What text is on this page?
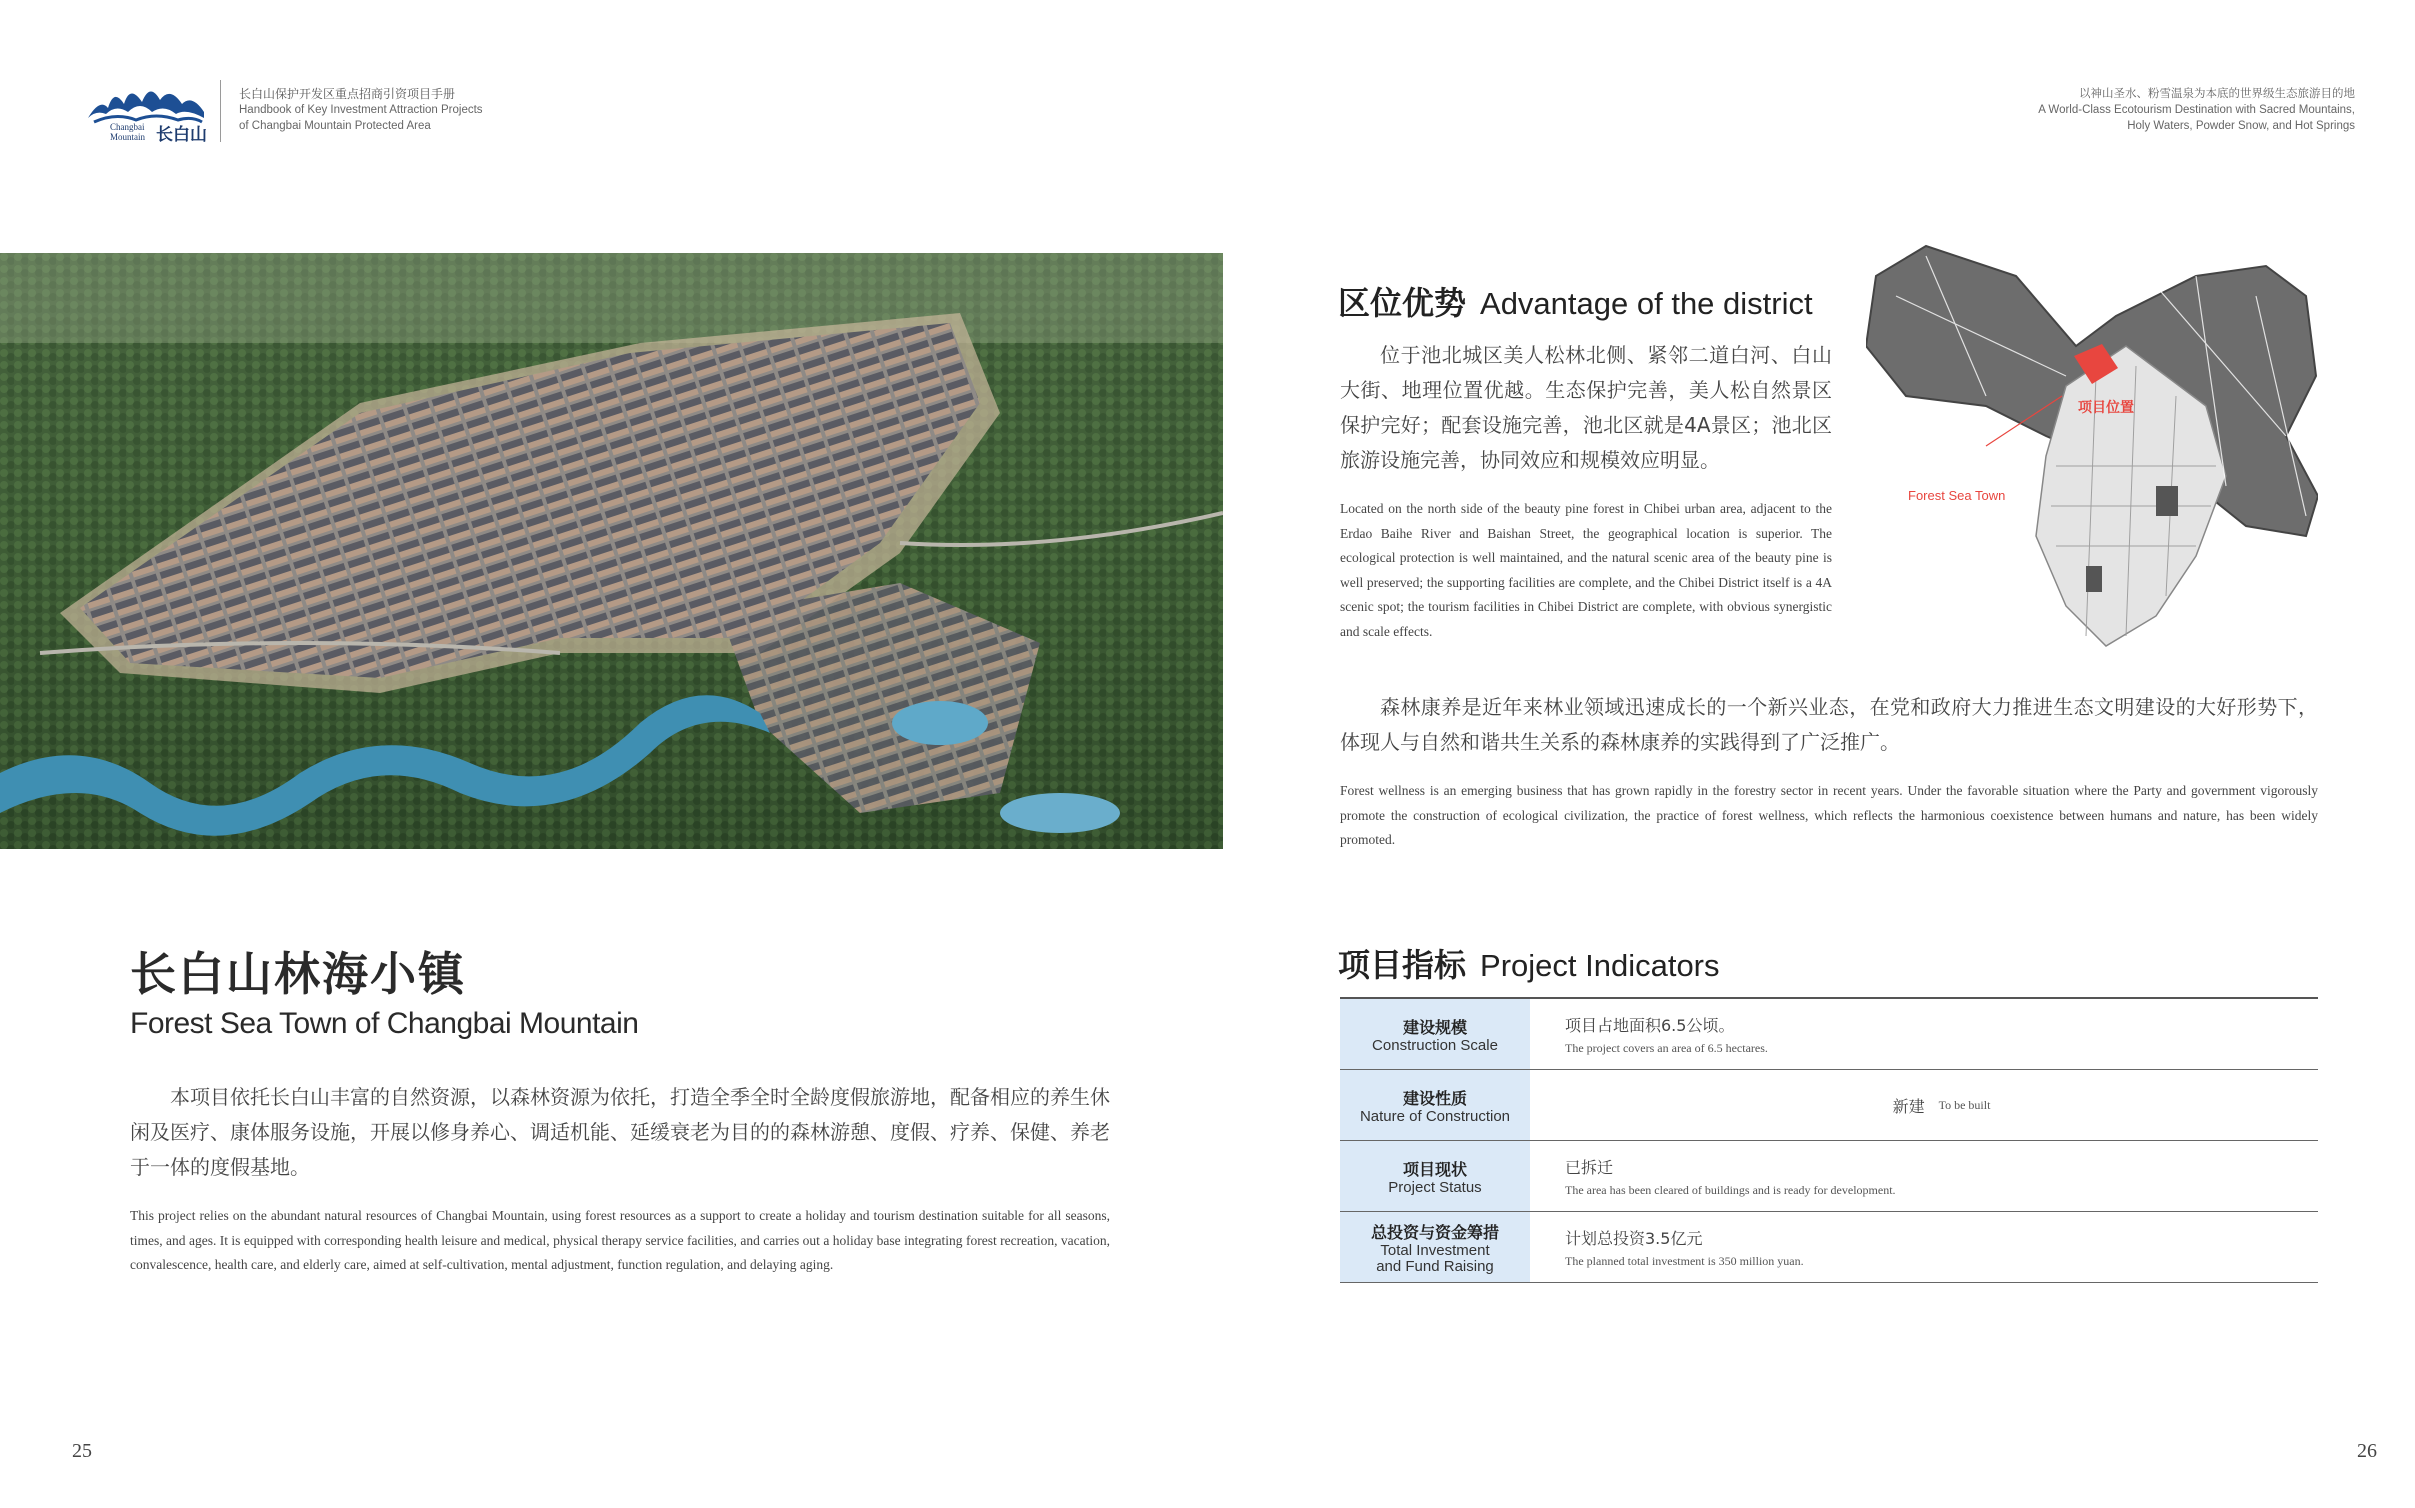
Changbai
Mountain 长白山
长白山保护开发区重点招商引资项目手册
Handbook of Key Investment Attraction Projects
of Changbai Mountain Protected Area
以神山圣水、粉雪温泉为本底的世界级生态旅游目的地
A World-Class Ecotourism Destination with Sacred Mountains,
Holy Waters, Powder Snow, and Hot Springs
长白山林海小镇
Forest Sea Town of Changbai Mountain

本项目依托长白山丰富的自然资源，以森林资源为依托，打造全季全时全龄度假旅游地，配备相应的养生休闲及医疗、康体服务设施，开展以修身养心、调适机能、延缓衰老为目的的森林游憩、度假、疗养、保健、养老于一体的度假基地。

This project relies on the abundant natural resources of Changbai Mountain, using forest resources as a support to create a holiday and tourism destination suitable for all seasons, times, and ages. It is equipped with corresponding health leisure and medical, physical therapy service facilities, and carries out a holiday base integrating forest recreation, vacation, convalescence, health care, and elderly care, aimed at self-cultivation, mental adjustment, function regulation, and delaying aging.

区位优势 Advantage of the district

位于池北城区美人松林北侧、紧邻二道白河、白山大街、地理位置优越。生态保护完善，美人松自然景区保护完好；配套设施完善，池北区就是4A景区；池北区旅游设施完善，协同效应和规模效应明显。

Located on the north side of the beauty pine forest in Chibei urban area, adjacent to the Erdao Baihe River and Baishan Street, the geographical location is superior. The ecological protection is well maintained, and the natural scenic area of the beauty pine is well preserved; the supporting facilities are complete, and the Chibei District itself is a 4A scenic spot; the tourism facilities in Chibei District are complete, with obvious synergistic and scale effects.

项目位置
Forest Sea Town

森林康养是近年来林业领域迅速成长的一个新兴业态，在党和政府大力推进生态文明建设的大好形势下，体现人与自然和谐共生关系的森林康养的实践得到了广泛推广。

Forest wellness is an emerging business that has grown rapidly in the forestry sector in recent years. Under the favorable situation where the Party and government vigorously promote the construction of ecological civilization, the practice of forest wellness, which reflects the harmonious coexistence between humans and nature, has been widely promoted.

项目指标 Project Indicators
建设规模
Construction Scale
项目占地面积6.5公顷。
The project covers an area of 6.5 hectares.
建设性质
Nature of Construction
新建 To be built
项目现状
Project Status
已拆迁
The area has been cleared of buildings and is ready for development.
总投资与资金筹措
Total Investment
and Fund Raising
计划总投资3.5亿元
The planned total investment is 350 million yuan.
25	26
